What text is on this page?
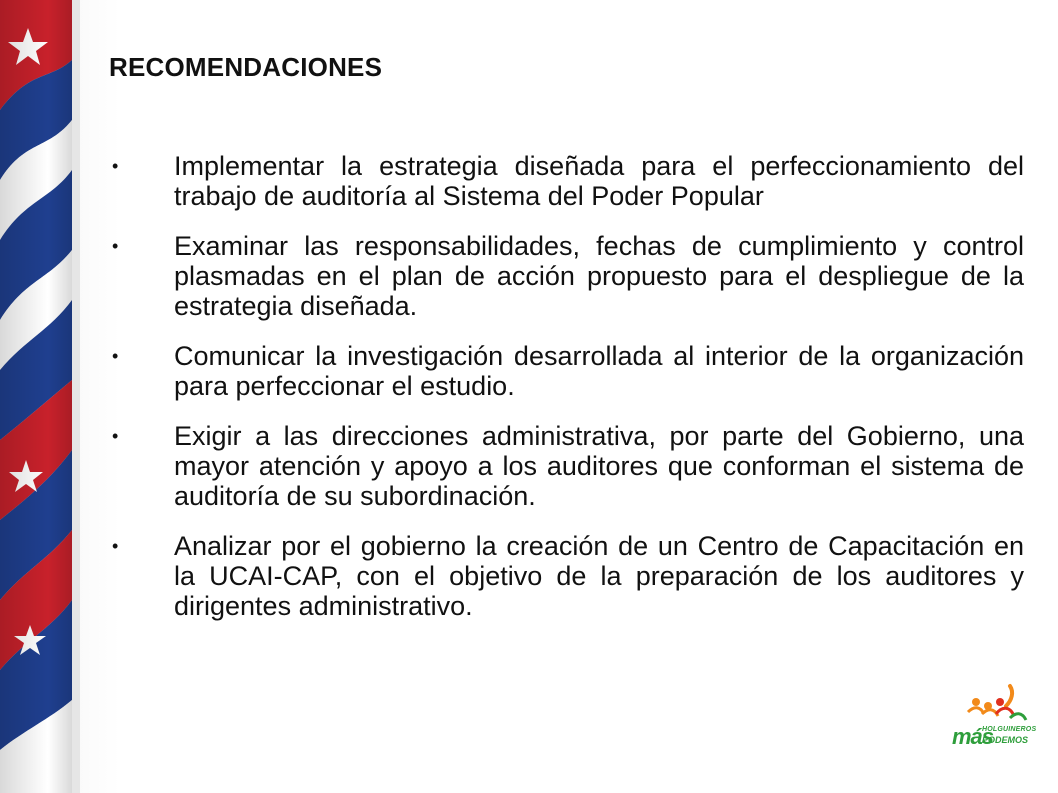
RECOMENDACIONES
• Implementar la estrategia diseñada para el perfeccionamiento del trabajo de auditoría al Sistema del Poder Popular
• Examinar las responsabilidades, fechas de cumplimiento y control plasmadas en el plan de acción propuesto para el despliegue de la estrategia diseñada.
• Comunicar la investigación desarrollada al interior de la organización para perfeccionar el estudio.
• Exigir a las direcciones administrativa, por parte del Gobierno, una mayor atención y apoyo a los auditores que conforman el sistema de auditoría de su subordinación.
• Analizar por el gobierno la creación de un Centro de Capacitación en la UCAI-CAP, con el objetivo de la preparación de los auditores y dirigentes administrativo.
más
HOLGUINEROS
PODEMOS
